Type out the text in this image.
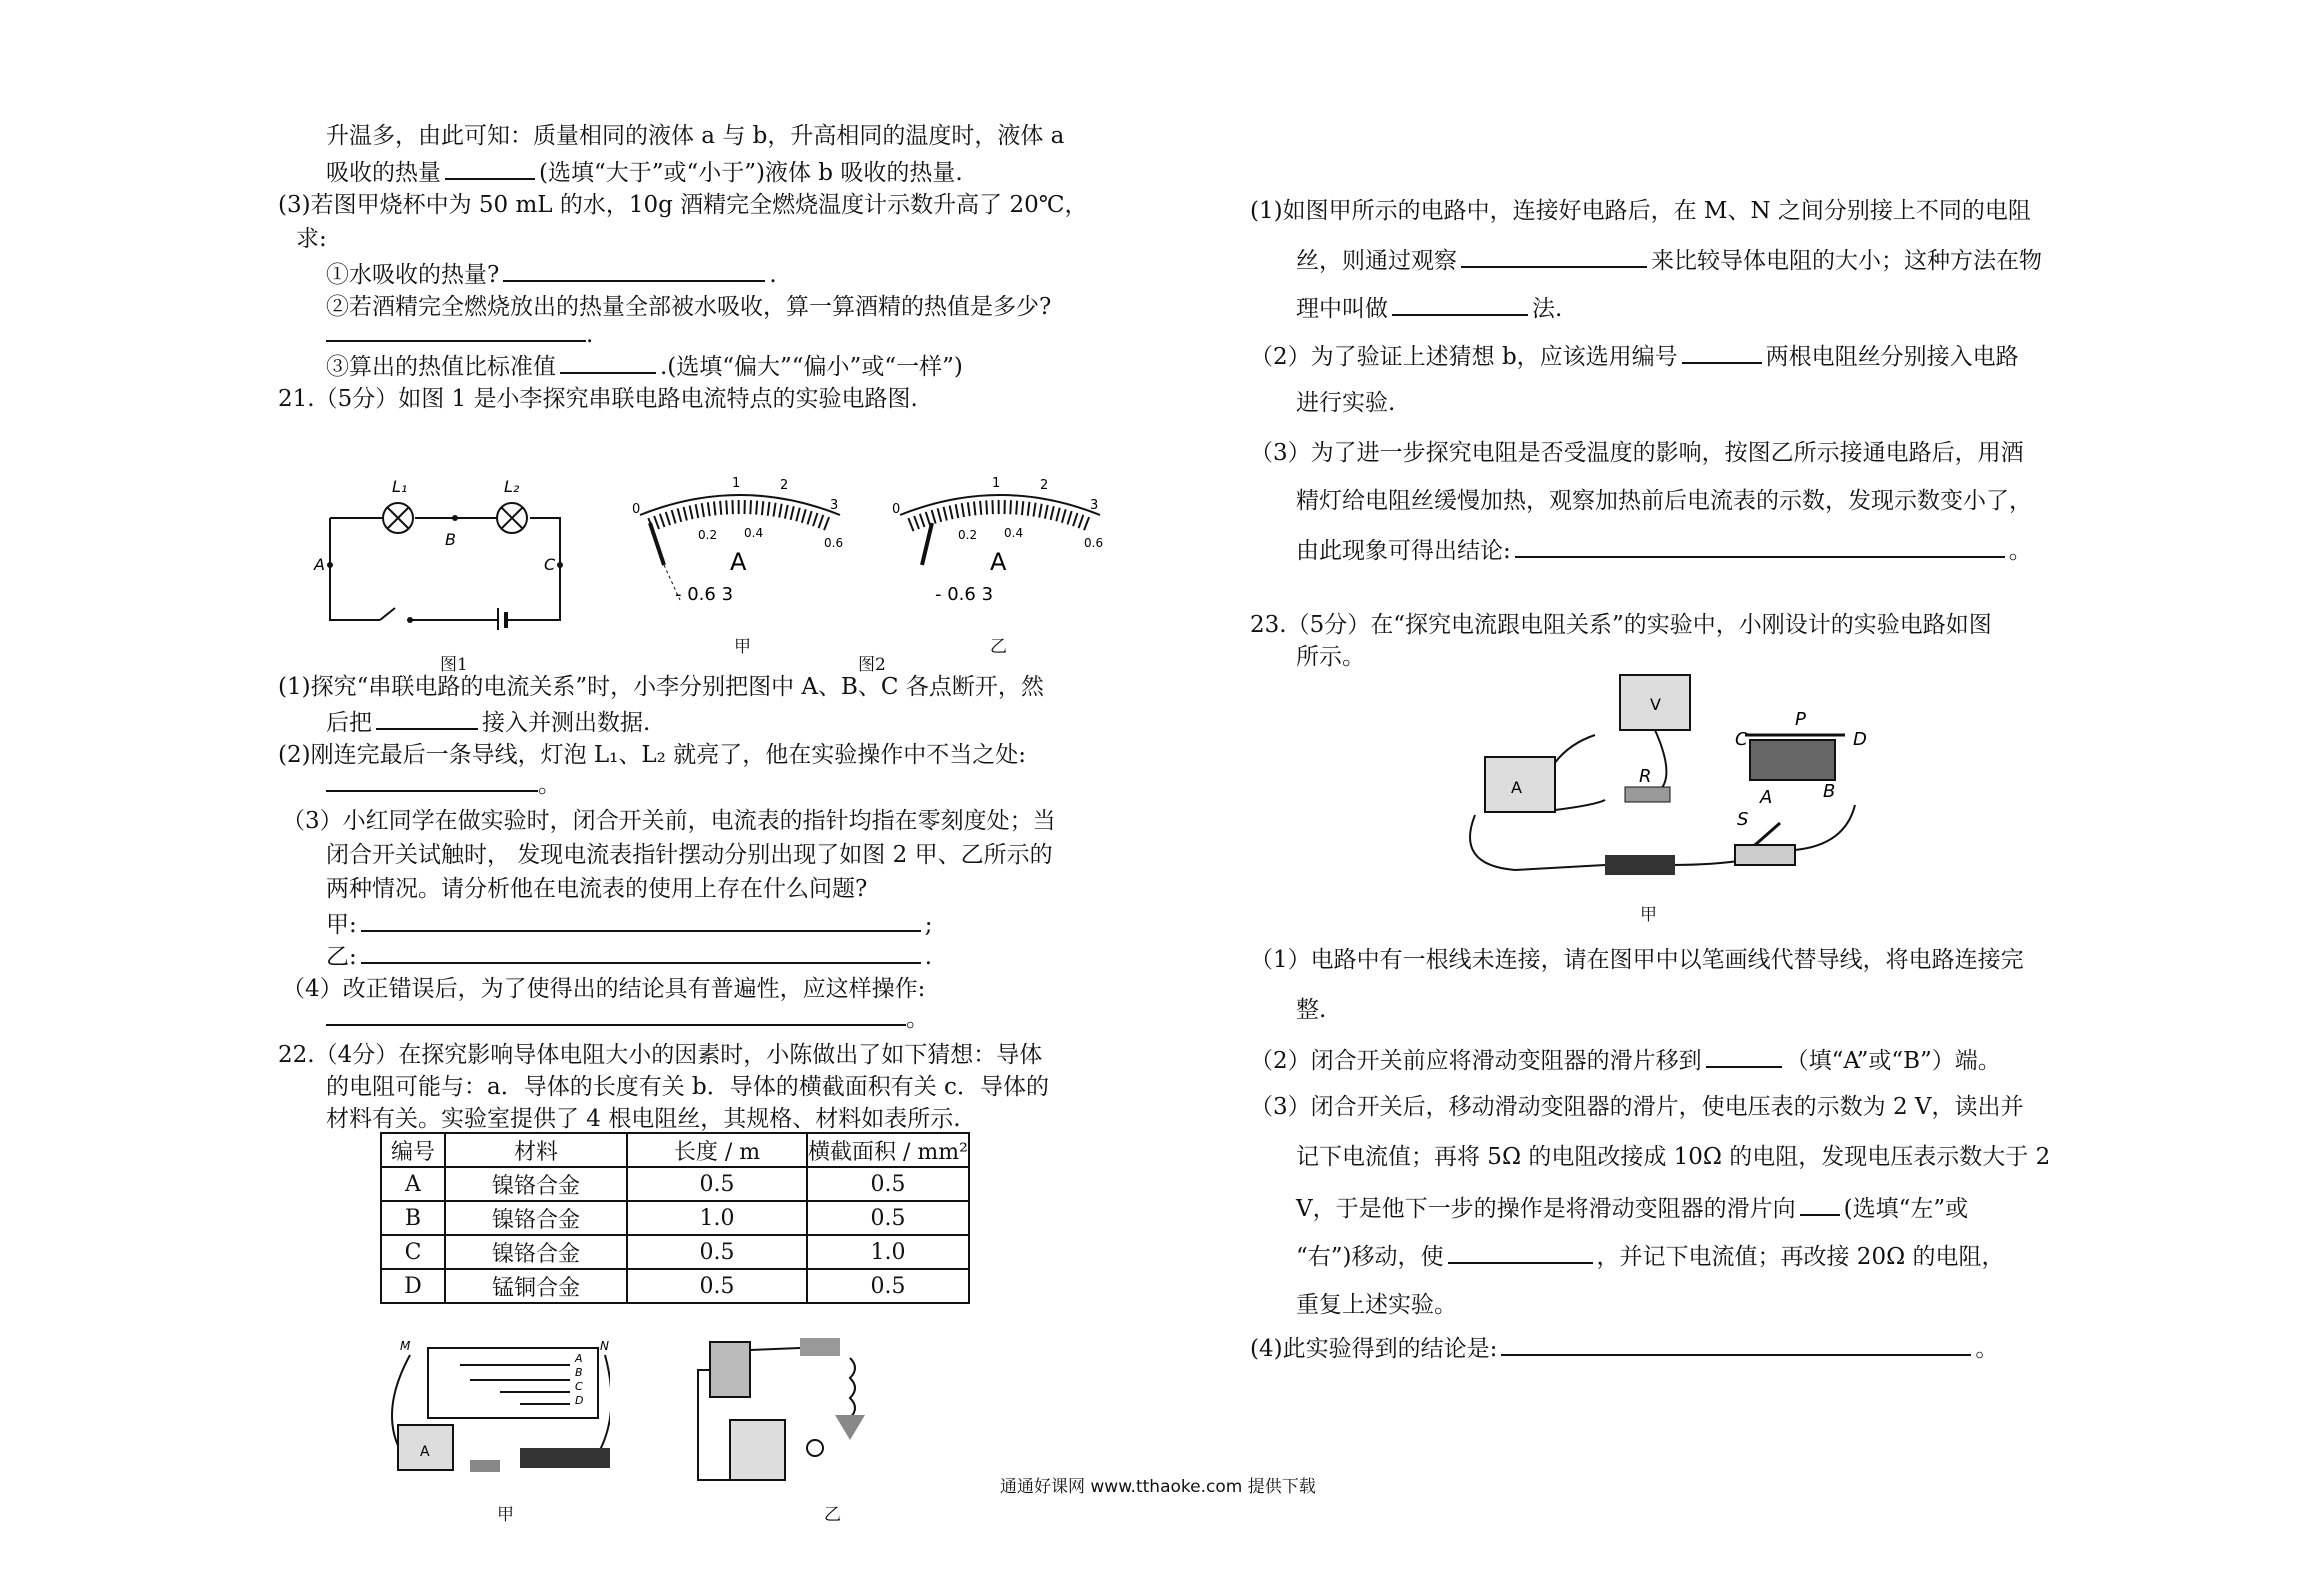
升温多，由此可知：质量相同的液体 a 与 b，升高相同的温度时，液体 a
吸收的热量	(选填“大于”或“小于”)液体 b 吸收的热量.
(3)若图甲烧杯中为 50 mL 的水，10g 酒精完全燃烧温度计示数升高了 20℃，
求:
①水吸收的热量?	.
②若酒精完全燃烧放出的热量全部被水吸收，算一算酒精的热值是多少?
.
③算出的热值比标准值	.(选填“偏大”“偏小”或“一样”)
21.（5分）如图 1 是小李探究串联电路电流特点的实验电路图.
L₁	L₂
B
A	C
图1
0
1	2
3
0.2 0.4
0.6
A
- 0.6 3
甲
0
1	2
3
0.2 0.4
0.6
A
- 0.6 3
图2
乙
(1)探究“串联电路的电流关系”时，小李分别把图中 A、B、C 各点断开，然
后把	接入并测出数据.
(2)刚连完最后一条导线，灯泡 L₁、L₂ 就亮了，他在实验操作中不当之处:
。
（3）小红同学在做实验时，闭合开关前，电流表的指针均指在零刻度处；当
闭合开关试触时， 发现电流表指针摆动分别出现了如图 2 甲、乙所示的
两种情况。请分析他在电流表的使用上存在什么问题?
甲:	;
乙:	.
（4）改正错误后，为了使得出的结论具有普遍性，应这样操作:
。
22.（4分）在探究影响导体电阻大小的因素时，小陈做出了如下猜想：导体
的电阻可能与：a．导体的长度有关 b．导体的横截面积有关 c．导体的
材料有关。实验室提供了 4 根电阻丝，其规格、材料如表所示.
编号	材料	长度 / m	横截面积 / mm²
A	镍铬合金	0.5	0.5
B	镍铬合金	1.0	0.5
C	镍铬合金	0.5	1.0
D	锰铜合金	0.5	0.5
A
B
C
D
M	N
A
甲	乙
(1)如图甲所示的电路中，连接好电路后，在 M、N 之间分别接上不同的电阻
丝，则通过观察	来比较导体电阻的大小；这种方法在物
理中叫做	法.
（2）为了验证上述猜想 b，应该选用编号	两根电阻丝分别接入电路
进行实验.
（3）为了进一步探究电阻是否受温度的影响，按图乙所示接通电路后，用酒
精灯给电阻丝缓慢加热，观察加热前后电流表的示数，发现示数变小了，
由此现象可得出结论:	。
23.（5分）在“探究电流跟电阻关系”的实验中，小刚设计的实验电路如图
所示。
V
A
R
P
C	D
A	B
S
甲
（1）电路中有一根线未连接，请在图甲中以笔画线代替导线，将电路连接完
整.
（2）闭合开关前应将滑动变阻器的滑片移到	（填“A”或“B”）端。
（3）闭合开关后，移动滑动变阻器的滑片，使电压表的示数为 2 V，读出并
记下电流值；再将 5Ω 的电阻改接成 10Ω 的电阻，发现电压表示数大于 2
V，于是他下一步的操作是将滑动变阻器的滑片向 (选填“左”或
“右”)移动，使	，并记下电流值；再改接 20Ω 的电阻，
重复上述实验。
(4)此实验得到的结论是:	。
通通好课网 www.tthaoke.com 提供下载
